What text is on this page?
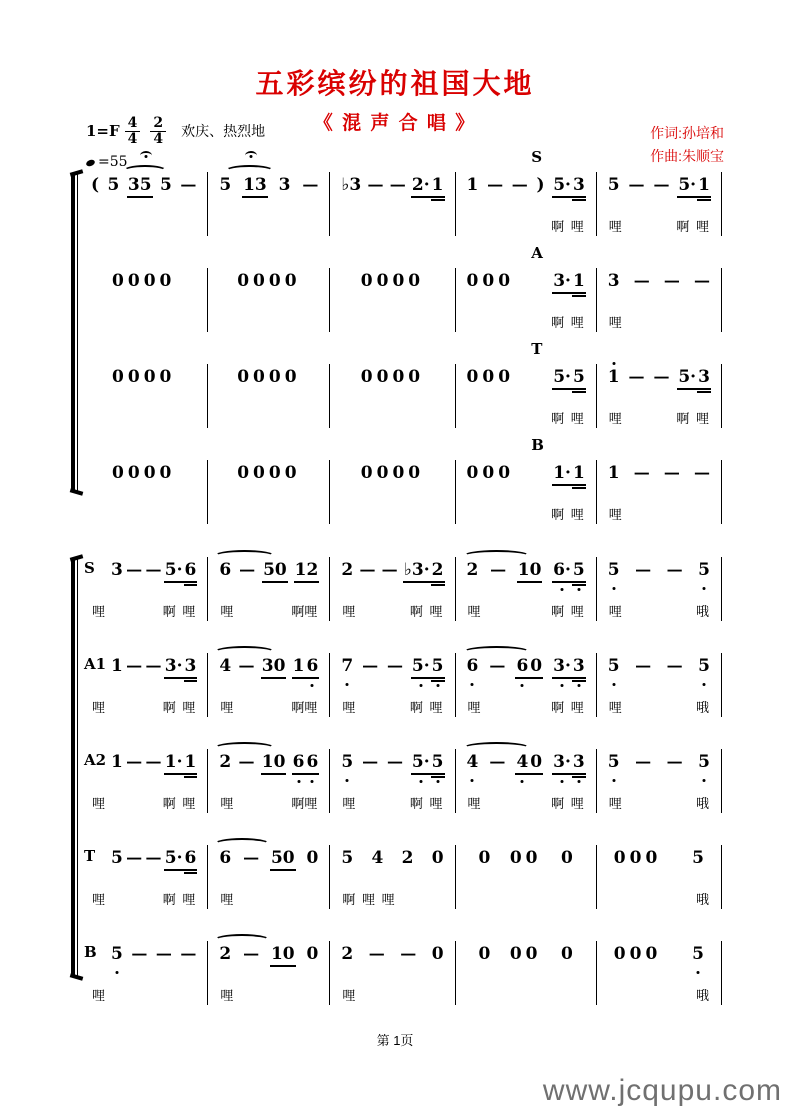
五彩缤纷的祖国大地
《 混 声 合 唱 》
$1=F \frac{4}{4} \frac{2}{4}$ 欢庆、热烈地
=55
作词:孙培和
作曲:朱顺宝
( 5 35 5 — 5 13 3 — ♭3 — — 2· 1
S
1 — — ) 5· 3
啊 哩
5 — — 5· 1
哩	啊 哩
0000	0000	0000
A
000 3· 1
啊 哩
3 — — —
哩
0000	0000	0000
T
000 5· 5
啊 哩
1 — — 5· 3
哩	啊 哩
0000	0000	0000
B
000 1· 1
啊 哩
1 — — —
哩
S 3 — — 5· 6
哩	啊 哩
6 — 50 12
哩	啊哩
2 — — ♭3· 2
哩	啊 哩
2 — 10 6· 5
哩	啊 哩
5 — — 5
哩	哦
A1 1 — — 3· 3
哩	啊 哩
4 — 30 1 6
哩	啊哩
7 — — 5· 5
哩	啊 哩
6 — 6 0 3· 3
哩	啊 哩
5 — — 5
哩	哦
A2 1 — — 1· 1
哩	啊 哩
2 — 10 6 6
哩	啊哩
5 — — 5· 5
哩	啊 哩
4 — 4 0 3· 3
哩	啊 哩
5 — — 5
哩	哦
T 5 — — 5· 6
哩	啊 哩
6 — 50 0
哩
5 4 2 0
啊 哩 哩
0 00 0 000 5
哦
B 5 — — —
哩
2 — 10 0
哩
2 — — 0
哩
0 00 0 000 5
哦
第 1页
www.jcqupu.com
